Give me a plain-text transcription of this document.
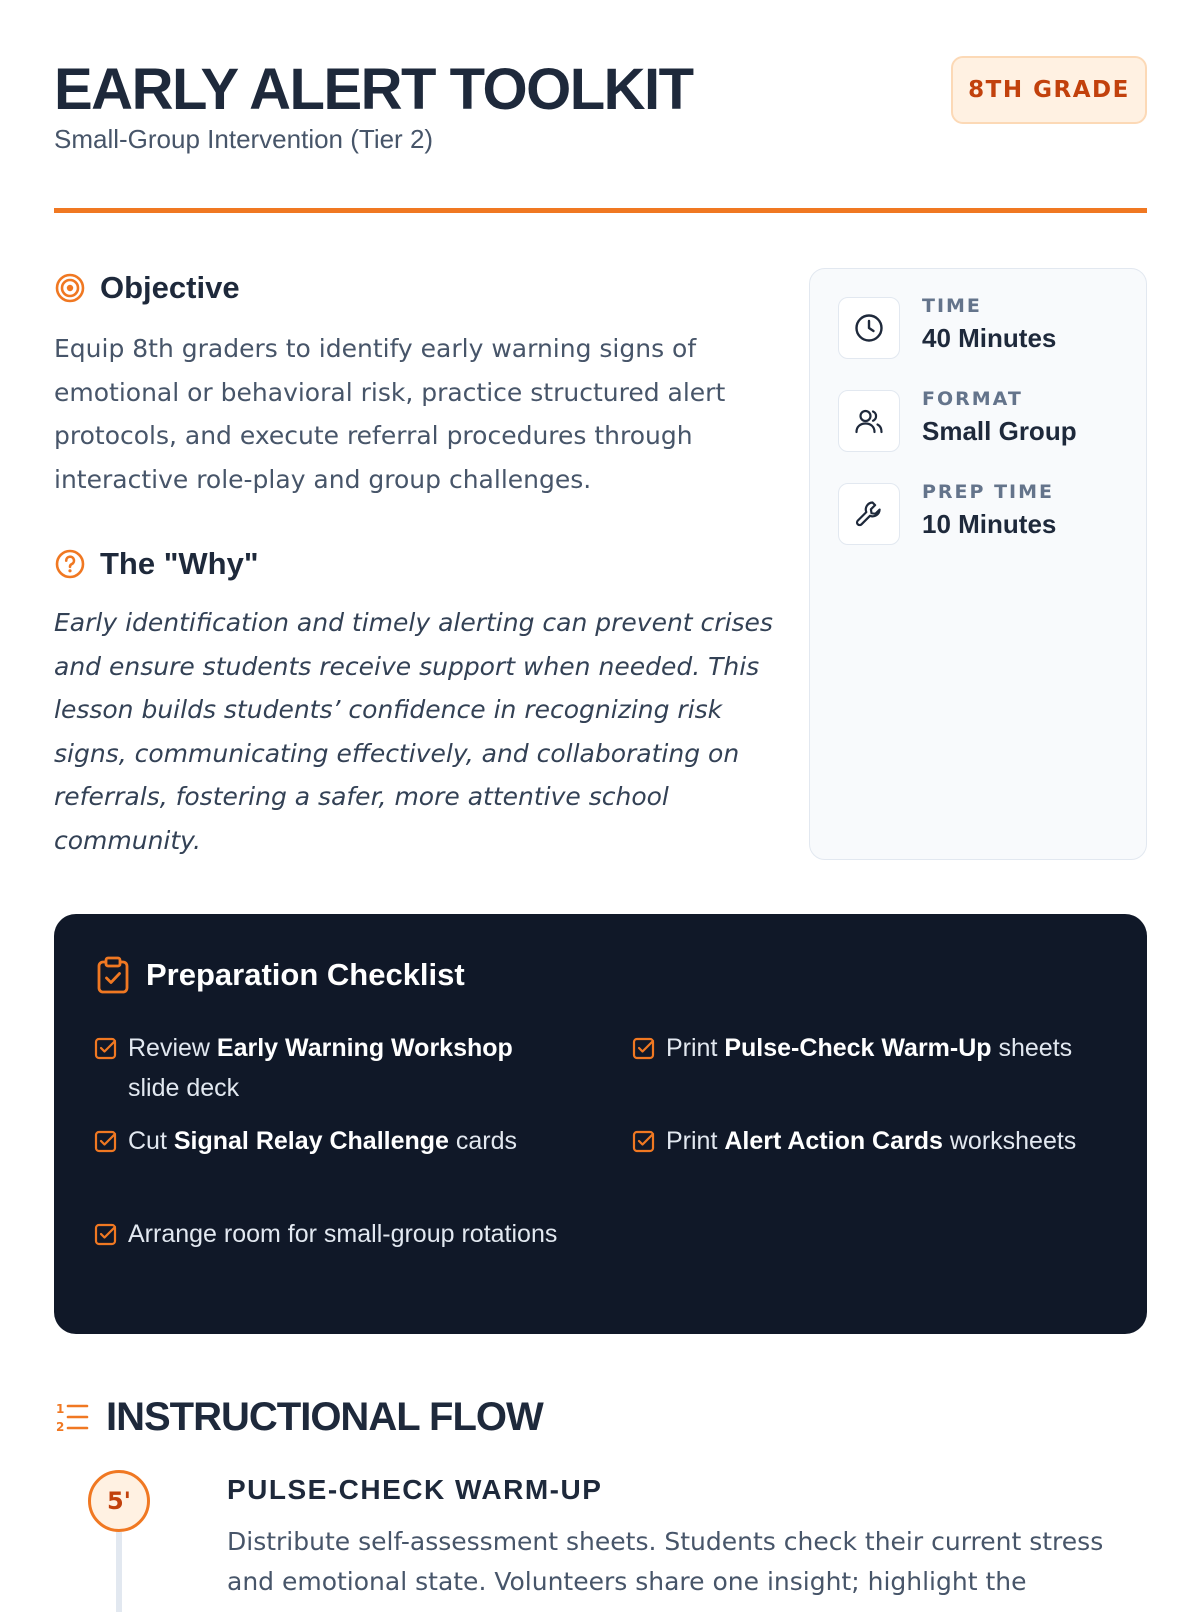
EARLY ALERT TOOLKIT
Small-Group Intervention (Tier 2)
8TH GRADE
Objective

Equip 8th graders to identify early warning signs of emotional or behavioral risk, practice structured alert protocols, and execute referral procedures through interactive role-play and group challenges.

The "Why"

Early identification and timely alerting can prevent crises and ensure students receive support when needed. This lesson builds students’ confidence in recognizing risk signs, communicating effectively, and collaborating on referrals, fostering a safer, more attentive school community.

TIME
40 Minutes
FORMAT
Small Group
PREP TIME
10 Minutes
Preparation Checklist
Review Early Warning Workshop slide deck
Print Pulse-Check Warm-Up sheets
Cut Signal Relay Challenge cards	Print Alert Action Cards worksheets
Arrange room for small-group rotations
1
2 INSTRUCTIONAL FLOW
5'	PULSE-CHECK WARM-UP

Distribute self-assessment sheets. Students check their current stress and emotional state. Volunteers share one insight; highlight the
